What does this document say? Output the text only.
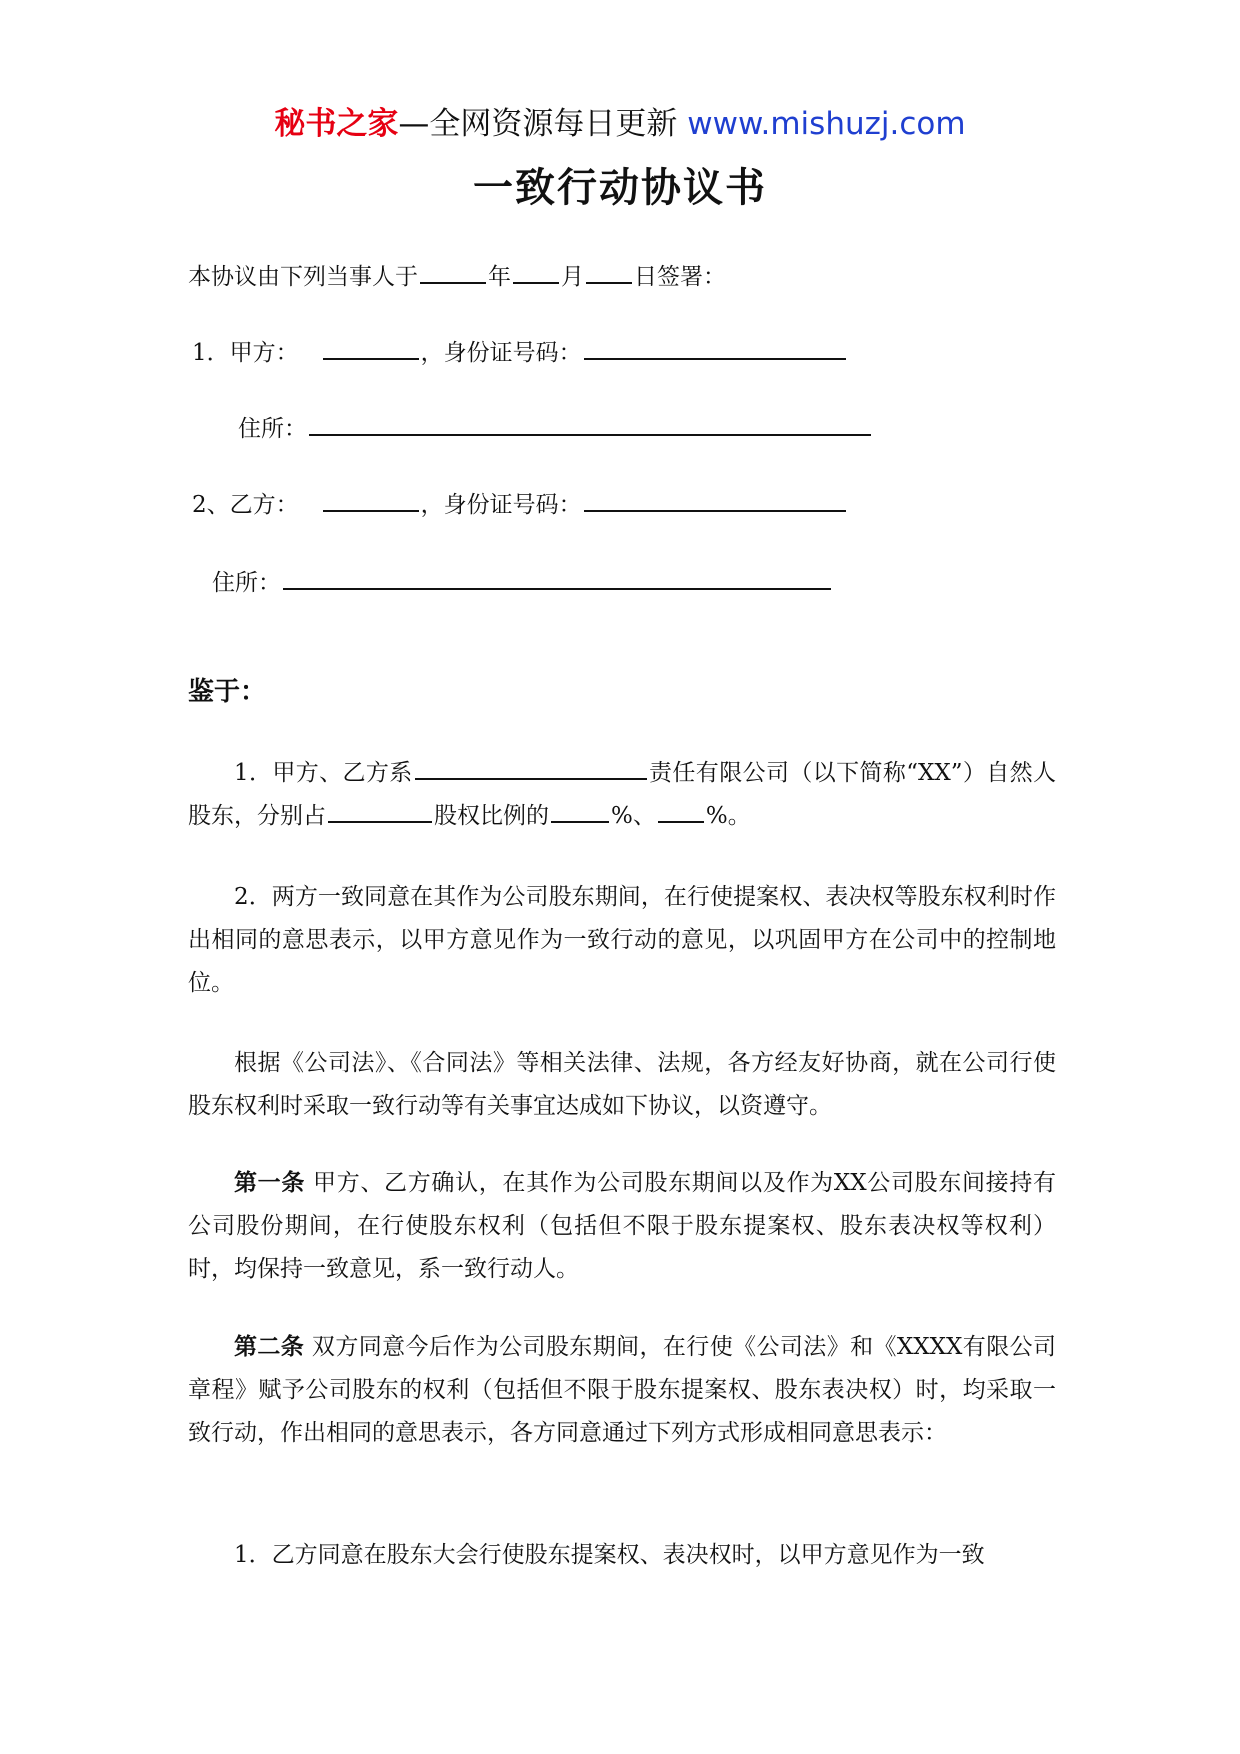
秘书之家—全网资源每日更新 www.mishuzj.com
一致行动协议书
本协议由下列当事人于	年 月 日签署：
1．甲方：	，身份证号码：
住所：
2、乙方：	，身份证号码：
住所：
鉴于：
1．甲方、乙方系	责任有限公司（以下简称“XX”）自然人股东，分别占	股权比例的	%、 %。
2．两方一致同意在其作为公司股东期间，在行使提案权、表决权等股东权利时作出相同的意思表示，以甲方意见作为一致行动的意见，以巩固甲方在公司中的控制地位。
根据《公司法》、《合同法》等相关法律、法规，各方经友好协商，就在公司行使股东权利时采取一致行动等有关事宜达成如下协议，以资遵守。
第一条 甲方、乙方确认，在其作为公司股东期间以及作为XX公司股东间接持有公司股份期间，在行使股东权利（包括但不限于股东提案权、股东表决权等权利）时，均保持一致意见，系一致行动人。
第二条 双方同意今后作为公司股东期间，在行使《公司法》和《XXXX有限公司章程》赋予公司股东的权利（包括但不限于股东提案权、股东表决权）时，均采取一致行动，作出相同的意思表示，各方同意通过下列方式形成相同意思表示：
1．乙方同意在股东大会行使股东提案权、表决权时，以甲方意见作为一致
